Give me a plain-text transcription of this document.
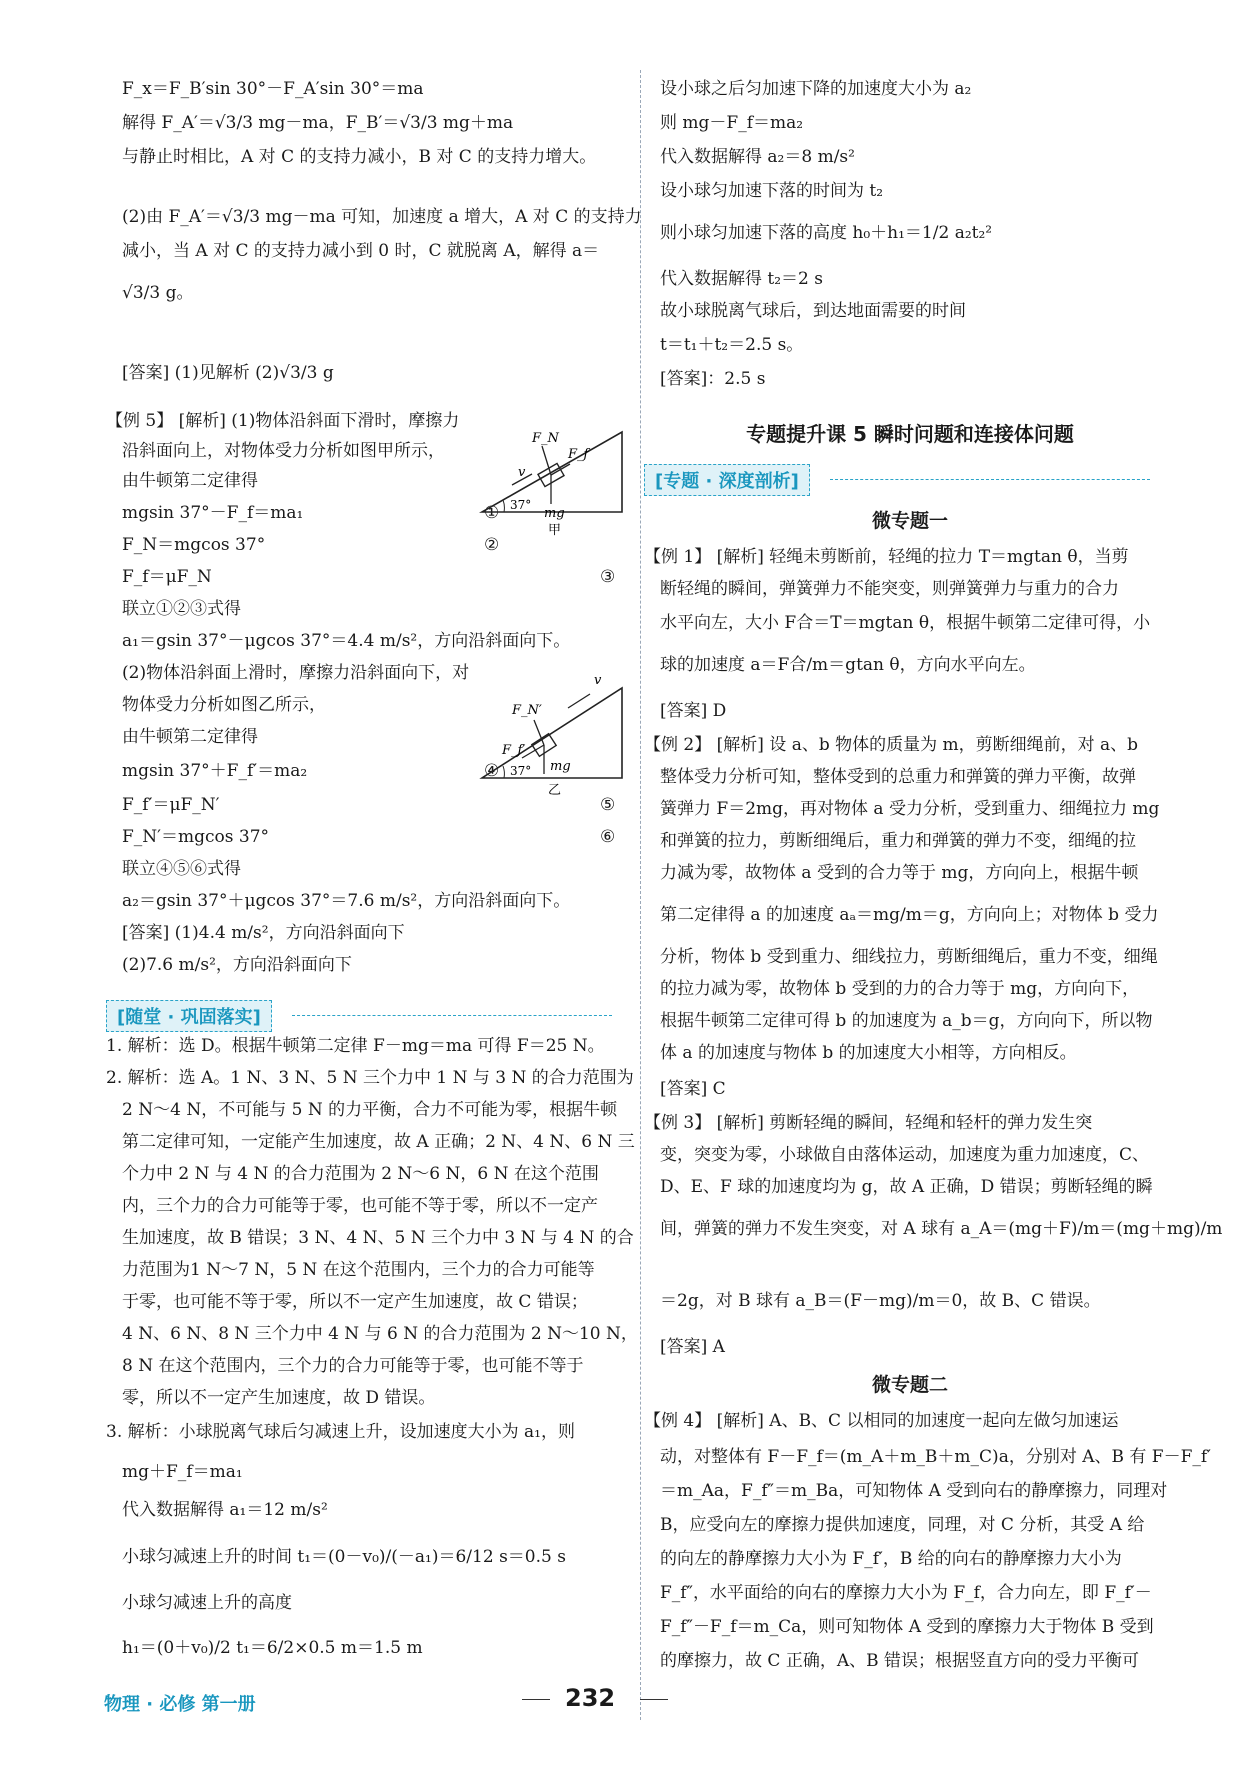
F_x＝F_B′sin 30°－F_A′sin 30°＝ma
解得 F_A′＝√3/3 mg－ma，F_B′＝√3/3 mg＋ma
与静止时相比，A 对 C 的支持力减小，B 对 C 的支持力增大。
(2)由 F_A′＝√3/3 mg－ma 可知，加速度 a 增大，A 对 C 的支持力
减小，当 A 对 C 的支持力减小到 0 时，C 就脱离 A，解得 a＝
√3/3 g。
[答案] (1)见解析 (2)√3/3 g
【例 5】 [解析] (1)物体沿斜面下滑时，摩擦力
沿斜面向上，对物体受力分析如图甲所示，
由牛顿第二定律得
mgsin 37°－F_f＝ma₁
F_N＝mgcos 37°
F_f＝μF_N
联立①②③式得
a₁＝gsin 37°－μgcos 37°＝4.4 m/s²，方向沿斜面向下。
(2)物体沿斜面上滑时，摩擦力沿斜面向下，对
物体受力分析如图乙所示，
由牛顿第二定律得
mgsin 37°＋F_f′＝ma₂
F_f′＝μF_N′
F_N′＝mgcos 37°
联立④⑤⑥式得
a₂＝gsin 37°＋μgcos 37°＝7.6 m/s²，方向沿斜面向下。
[答案] (1)4.4 m/s²，方向沿斜面向下
(2)7.6 m/s²，方向沿斜面向下
1. 解析：选 D。根据牛顿第二定律 F－mg＝ma 可得 F＝25 N。
2. 解析：选 A。1 N、3 N、5 N 三个力中 1 N 与 3 N 的合力范围为
2 N～4 N，不可能与 5 N 的力平衡，合力不可能为零，根据牛顿
第二定律可知，一定能产生加速度，故 A 正确；2 N、4 N、6 N 三
个力中 2 N 与 4 N 的合力范围为 2 N～6 N，6 N 在这个范围
内，三个力的合力可能等于零，也可能不等于零，所以不一定产
生加速度，故 B 错误；3 N、4 N、5 N 三个力中 3 N 与 4 N 的合
力范围为1 N～7 N，5 N 在这个范围内，三个力的合力可能等
于零，也可能不等于零，所以不一定产生加速度，故 C 错误；
4 N、6 N、8 N 三个力中 4 N 与 6 N 的合力范围为 2 N～10 N，
8 N 在这个范围内，三个力的合力可能等于零，也可能不等于
零，所以不一定产生加速度，故 D 错误。
3. 解析：小球脱离气球后匀减速上升，设加速度大小为 a₁，则
mg＋F_f＝ma₁
代入数据解得 a₁＝12 m/s²
小球匀减速上升的时间 t₁＝(0－v₀)/(－a₁)＝6/12 s＝0.5 s
小球匀减速上升的高度
h₁＝(0＋v₀)/2 t₁＝6/2×0.5 m＝1.5 m
①
②
③
④
⑤
⑥
[随堂 · 巩固落实]
设小球之后匀加速下降的加速度大小为 a₂
则 mg－F_f＝ma₂
代入数据解得 a₂＝8 m/s²
设小球匀加速下落的时间为 t₂
则小球匀加速下落的高度 h₀＋h₁＝1/2 a₂t₂²
代入数据解得 t₂＝2 s
故小球脱离气球后，到达地面需要的时间
t＝t₁＋t₂＝2.5 s。
[答案]：2.5 s
【例 1】 [解析] 轻绳未剪断前，轻绳的拉力 T＝mgtan θ，当剪
断轻绳的瞬间，弹簧弹力不能突变，则弹簧弹力与重力的合力
水平向左，大小 F合＝T＝mgtan θ，根据牛顿第二定律可得，小
球的加速度 a＝F合/m＝gtan θ，方向水平向左。
[答案] D
【例 2】 [解析] 设 a、b 物体的质量为 m，剪断细绳前，对 a、b
整体受力分析可知，整体受到的总重力和弹簧的弹力平衡，故弹
簧弹力 F＝2mg，再对物体 a 受力分析，受到重力、细绳拉力 mg
和弹簧的拉力，剪断细绳后，重力和弹簧的弹力不变，细绳的拉
力减为零，故物体 a 受到的合力等于 mg，方向向上，根据牛顿
第二定律得 a 的加速度 aₐ＝mg/m＝g，方向向上；对物体 b 受力
分析，物体 b 受到重力、细线拉力，剪断细绳后，重力不变，细绳
的拉力减为零，故物体 b 受到的力的合力等于 mg，方向向下，
根据牛顿第二定律可得 b 的加速度为 a_b＝g，方向向下，所以物
体 a 的加速度与物体 b 的加速度大小相等，方向相反。
[答案] C
【例 3】 [解析] 剪断轻绳的瞬间，轻绳和轻杆的弹力发生突
变，突变为零，小球做自由落体运动，加速度为重力加速度，C、
D、E、F 球的加速度均为 g，故 A 正确，D 错误；剪断轻绳的瞬
间，弹簧的弹力不发生突变，对 A 球有 a_A＝(mg＋F)/m＝(mg＋mg)/m
＝2g，对 B 球有 a_B＝(F－mg)/m＝0，故 B、C 错误。
[答案] A
【例 4】 [解析] A、B、C 以相同的加速度一起向左做匀加速运
动，对整体有 F－F_f＝(m_A＋m_B＋m_C)a，分别对 A、B 有 F－F_f′
＝m_Aa，F_f″＝m_Ba，可知物体 A 受到向右的静摩擦力，同理对
B，应受向左的摩擦力提供加速度，同理，对 C 分析，其受 A 给
的向左的静摩擦力大小为 F_f′，B 给的向右的静摩擦力大小为
F_f″，水平面给的向右的摩擦力大小为 F_f，合力向左，即 F_f′－
F_f″－F_f＝m_Ca，则可知物体 A 受到的摩擦力大于物体 B 受到
的摩擦力，故 C 正确，A、B 错误；根据竖直方向的受力平衡可
[专题 · 深度剖析]
专题提升课 5 瞬时问题和连接体问题
微专题一
微专题二
F_N
F_f
v
mg
37°
甲
F_N′
F_f′
v
mg
37°
乙
物理 · 必修 第一册	232
